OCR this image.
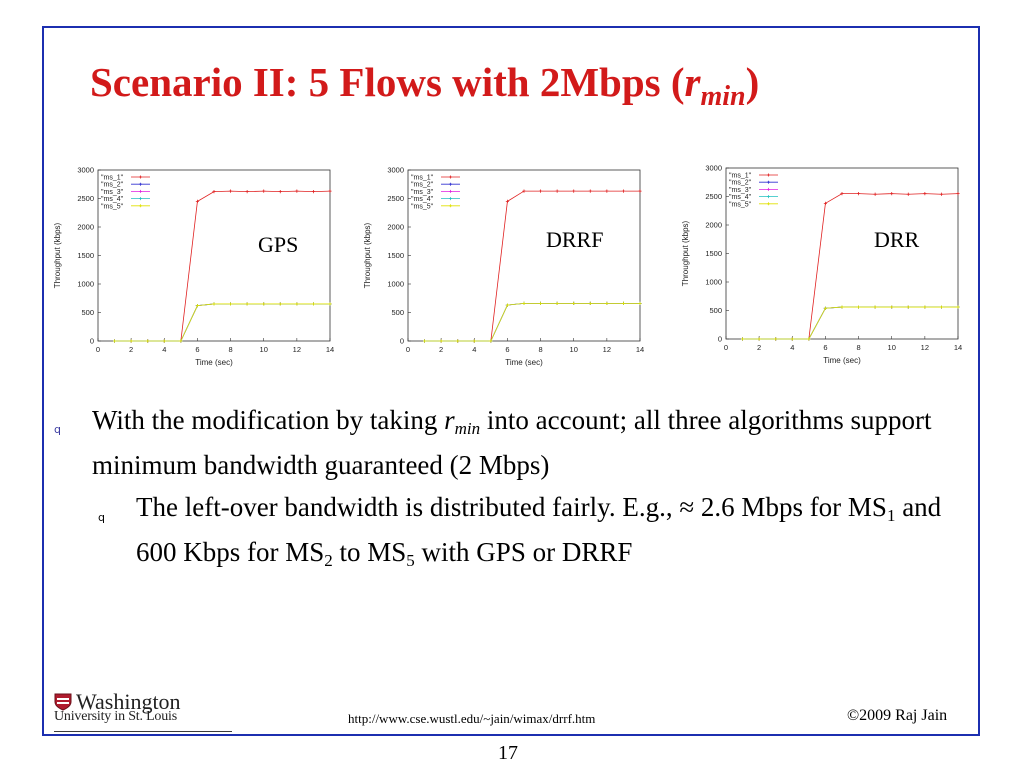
Scenario II: 5 Flows with 2Mbps $(r_{min})$
0	2	4	6	8	10	12	14
0
500
1000
1500
2000
2500
3000
Time (sec)
Throughput (kbps)
"ms_1"
"ms_2"
"ms_3"
"ms_4"
"ms_5"
0	2	4	6	8	10	12	14
0
500
1000
1500
2000
2500
3000
Time (sec)
Throughput (kbps)
"ms_1"
"ms_2"
"ms_3"
"ms_4"
"ms_5"
0	2	4	6	8	10	12	14
0
500
1000
1500
2000
2500
3000
Time (sec)
Throughput (kbps)
"ms_1"
"ms_2"
"ms_3"
"ms_4"
"ms_5"
GPS	DRRF	DRR
q With the modification by taking $r_{min}$ into account; all three algorithms support minimum bandwidth guaranteed (2 Mbps)
q The left-over bandwidth is distributed fairly. E.g., ≈ 2.6 Mbps for $MS_1$ and 600 Kbps for $MS_2$ to $MS_5$ with GPS or DRRF
Washington
University in St. Louis	http://www.cse.wustl.edu/~jain/wimax/drrf.htm	©2009 Raj Jain
17
